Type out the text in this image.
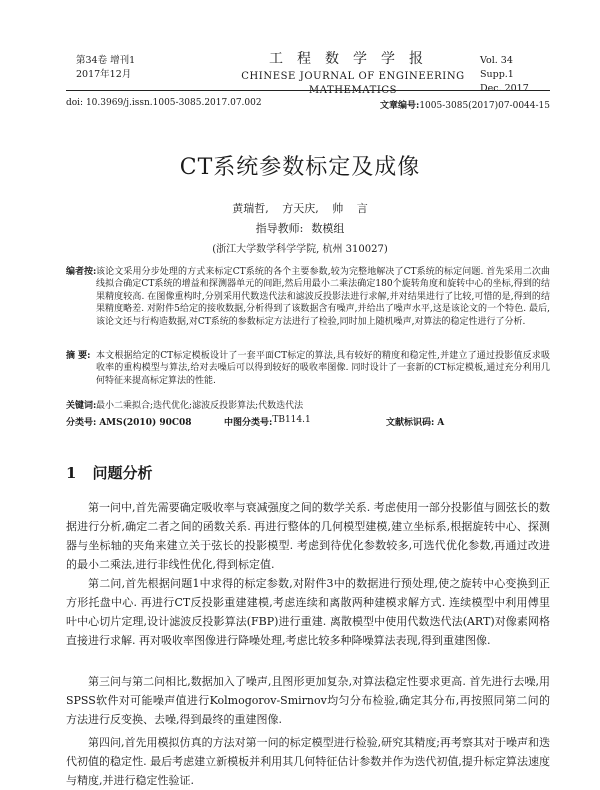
第34卷 增刊1
2017年12月
工程数学学报
CHINESE JOURNAL OF ENGINEERING MATHEMATICS
Vol. 34 Supp.1
Dec. 2017
doi: 10.3969/j.issn.1005-3085.2017.07.002	文章编号:1005-3085(2017)07-0044-15
CT系统参数标定及成像
黄瑞哲, 方天庆, 帅 言
指导教师: 数模组
(浙江大学数学科学学院, 杭州 310027)
编者按: 该论文采用分步处理的方式来标定CT系统的各个主要参数,较为完整地解决了CT系统的标定问题. 首先采用二次曲线拟合确定CT系统的增益和探测器单元的间距,然后用最小二乘法确定180个旋转角度和旋转中心的坐标,得到的结果精度较高. 在图像重构时,分别采用代数迭代法和滤波反投影法进行求解,并对结果进行了比较,可惜的是,得到的结果精度略差. 对附件5给定的接收数据,分析得到了该数据含有噪声,并给出了噪声水平,这是该论文的一个特色. 最后,该论文还与行构造数据,对CT系统的参数标定方法进行了检验,同时加上随机噪声,对算法的稳定性进行了分析.
摘 要: 本文根据给定的CT标定模板设计了一套平面CT标定的算法,具有较好的精度和稳定性,并建立了通过投影值反求吸收率的重构模型与算法,给对去噪后可以得到较好的吸收率图像. 同时设计了一套新的CT标定模板,通过充分利用几何特征来提高标定算法的性能.
关键词: 最小二乘拟合;迭代优化;滤波反投影算法;代数迭代法
分类号: AMS(2010) 90C08	中图分类号: TB114.1	文献标识码: A
1 问题分析

第一问中,首先需要确定吸收率与衰减强度之间的数学关系. 考虑使用一部分投影值与圆弦长的数据进行分析,确定二者之间的函数关系. 再进行整体的几何模型建模,建立坐标系,根据旋转中心、探测器与坐标轴的夹角来建立关于弦长的投影模型. 考虑到待优化参数较多,可选代优化参数,再通过改进的最小二乘法,进行非线性优化,得到标定值.

第二问,首先根据问题1中求得的标定参数,对附件3中的数据进行预处理,使之旋转中心变换到正方形托盘中心. 再进行CT反投影重建建模,考虑连续和离散两种建模求解方式. 连续模型中利用傅里叶中心切片定理,设计滤波反投影算法(FBP)进行重建. 离散模型中使用代数迭代法(ART)对像素网格直接进行求解. 再对吸收率图像进行降噪处理,考虑比较多种降噪算法表现,得到重建图像.

第三问与第二问相比,数据加入了噪声,且图形更加复杂,对算法稳定性要求更高. 首先进行去噪,用SPSS软件对可能噪声值进行Kolmogorov-Smirnov均匀分布检验,确定其分布,再按照同第二问的方法进行反变换、去噪,得到最终的重建图像.

第四问,首先用模拟仿真的方法对第一问的标定模型进行检验,研究其精度;再考察其对于噪声和迭代初值的稳定性. 最后考虑建立新模板并利用其几何特征估计参数并作为迭代初值,提升标定算法速度与精度,并进行稳定性验证.
